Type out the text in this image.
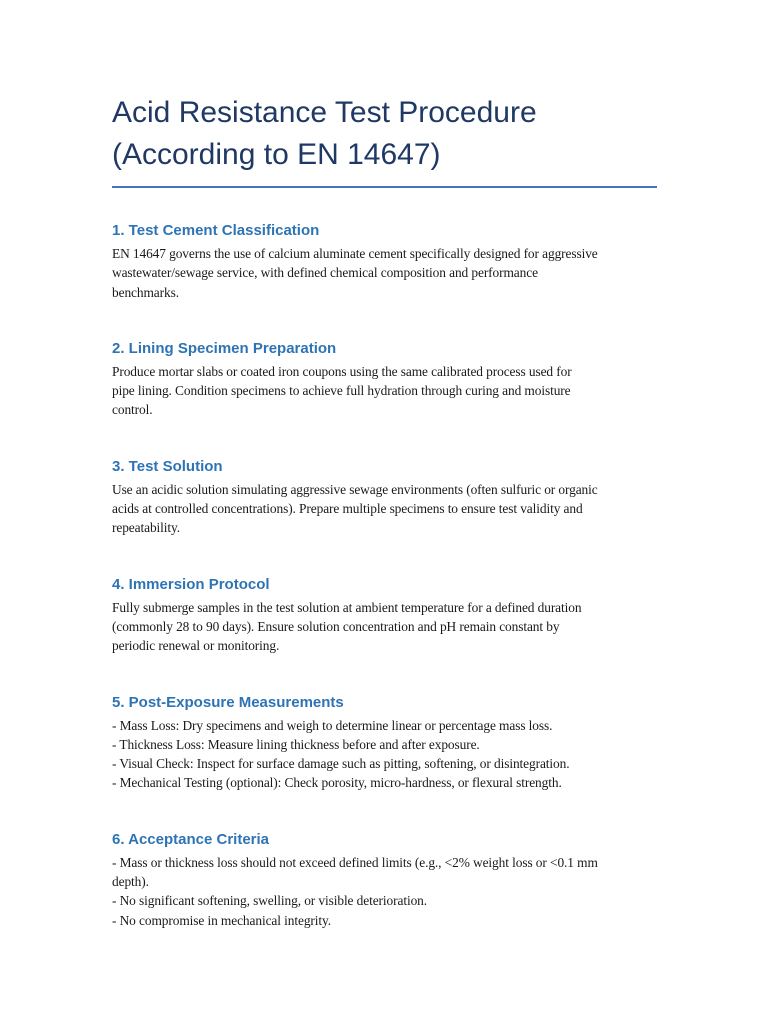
Acid Resistance Test Procedure
(According to EN 14647)
1. Test Cement Classification

EN 14647 governs the use of calcium aluminate cement specifically designed for aggressive
wastewater/sewage service, with defined chemical composition and performance
benchmarks.

2. Lining Specimen Preparation

Produce mortar slabs or coated iron coupons using the same calibrated process used for
pipe lining. Condition specimens to achieve full hydration through curing and moisture
control.

3. Test Solution

Use an acidic solution simulating aggressive sewage environments (often sulfuric or organic
acids at controlled concentrations). Prepare multiple specimens to ensure test validity and
repeatability.

4. Immersion Protocol

Fully submerge samples in the test solution at ambient temperature for a defined duration
(commonly 28 to 90 days). Ensure solution concentration and pH remain constant by
periodic renewal or monitoring.

5. Post-Exposure Measurements

- Mass Loss: Dry specimens and weigh to determine linear or percentage mass loss.
- Thickness Loss: Measure lining thickness before and after exposure.
- Visual Check: Inspect for surface damage such as pitting, softening, or disintegration.
- Mechanical Testing (optional): Check porosity, micro-hardness, or flexural strength.

6. Acceptance Criteria

- Mass or thickness loss should not exceed defined limits (e.g., <2% weight loss or <0.1 mm
depth).
- No significant softening, swelling, or visible deterioration.
- No compromise in mechanical integrity.
